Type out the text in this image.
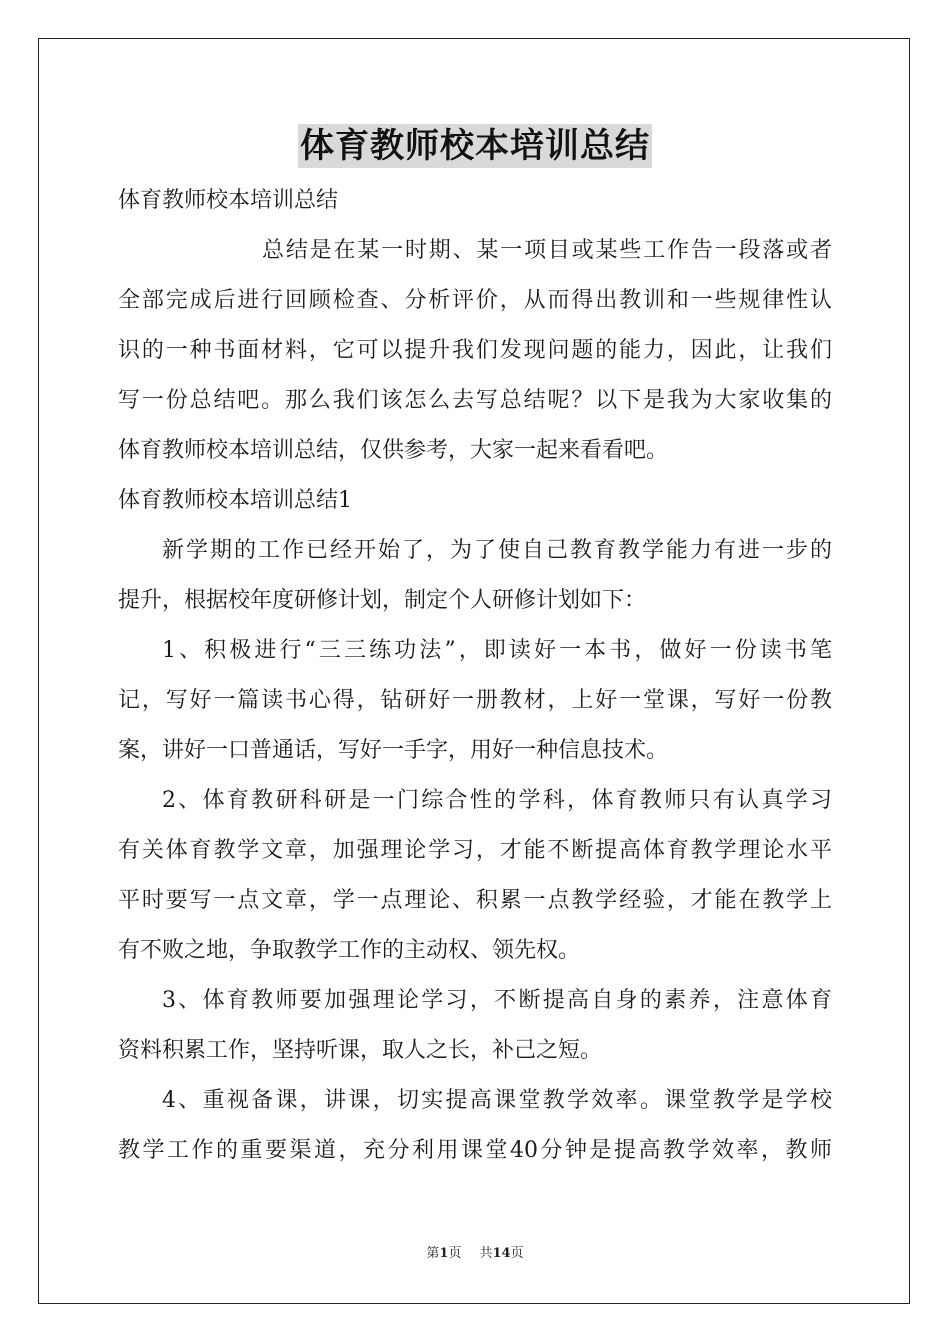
体育教师校本培训总结
体育教师校本培训总结
总结是在某一时期、某一项目或某些工作告一段落或者
全部完成后进行回顾检查、分析评价，从而得出教训和一些规律性认
识的一种书面材料，它可以提升我们发现问题的能力，因此，让我们
写一份总结吧。那么我们该怎么去写总结呢？以下是我为大家收集的
体育教师校本培训总结，仅供参考，大家一起来看看吧。
体育教师校本培训总结1
新学期的工作已经开始了，为了使自己教育教学能力有进一步的
提升，根据校年度研修计划，制定个人研修计划如下：
1、积极进行“三三练功法”，即读好一本书，做好一份读书笔
记，写好一篇读书心得，钻研好一册教材，上好一堂课，写好一份教
案，讲好一口普通话，写好一手字，用好一种信息技术。
2、体育教研科研是一门综合性的学科，体育教师只有认真学习
有关体育教学文章，加强理论学习，才能不断提高体育教学理论水平
平时要写一点文章，学一点理论、积累一点教学经验，才能在教学上
有不败之地，争取教学工作的主动权、领先权。
3、体育教师要加强理论学习，不断提高自身的素养，注意体育
资料积累工作，坚持听课，取人之长，补己之短。
4、重视备课，讲课，切实提高课堂教学效率。课堂教学是学校
教学工作的重要渠道，充分利用课堂40分钟是提高教学效率，教师
第1页 共14页
